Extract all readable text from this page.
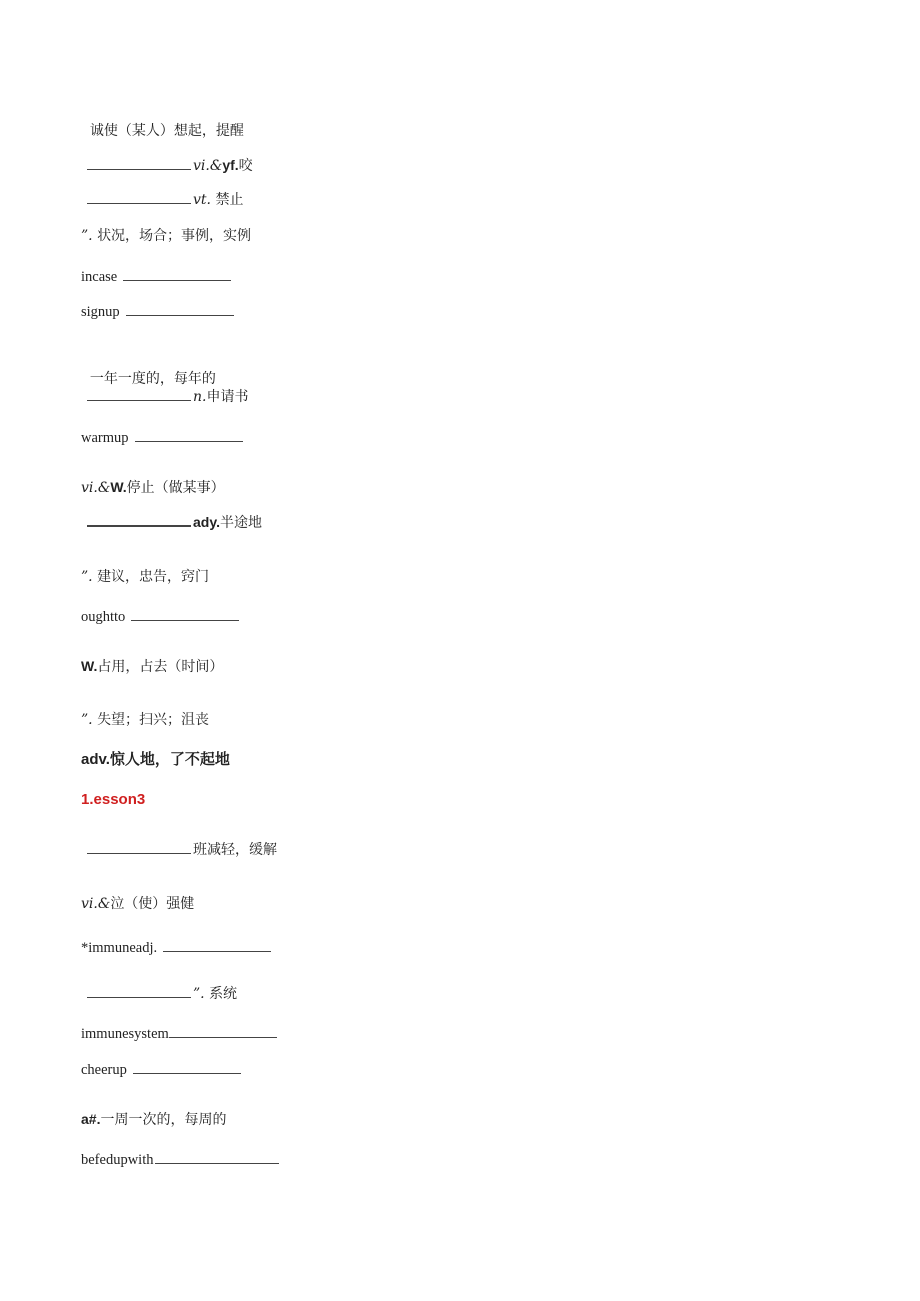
诚使（某人）想起，提醒

vi.&yf.咬
vt. 禁止
”. 状况，场合；事例，实例
incase
signup

一年一度的，每年的

n.申请书
warmup
vi.&W.停止（做某事）
ady.半途地
”. 建议，忠告，窍门
oughtto
W.占用，占去（时间）
”. 失望；扫兴；沮丧
adv.惊人地，了不起地
1.esson3
班减轻，缓解
vi.&泣（使）强健
*immuneadj.
”. 系统
immunesystem
cheerup
a#.一周一次的，每周的
befedupwith
